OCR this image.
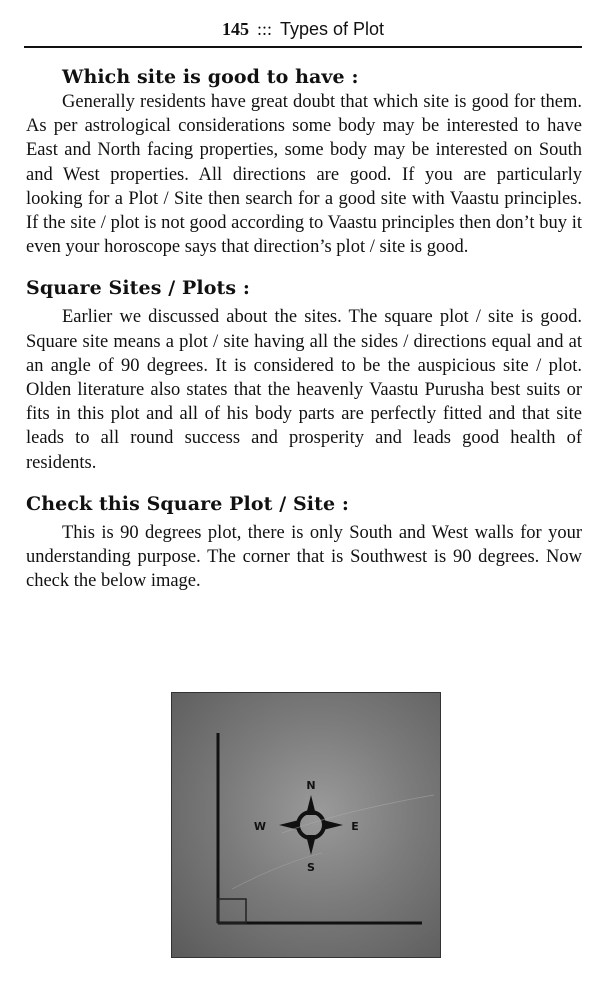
145 ::: Types of Plot
Which site is good to have :

Generally residents have great doubt that which site is good for them. As per astrological considerations some body may be interested to have East and North facing properties, some body may be interested on South and West properties. All directions are good. If you are particularly looking for a Plot / Site then search for a good site with Vaastu principles. If the site / plot is not good according to Vaastu principles then don’t buy it even your horoscope says that direction’s plot / site is good.

Square Sites / Plots :

Earlier we discussed about the sites. The square plot / site is good. Square site means a plot / site having all the sides / directions equal and at an angle of 90 degrees. It is considered to be the auspicious site / plot. Olden literature also states that the heavenly Vaastu Purusha best suits or fits in this plot and all of his body parts are perfectly fitted and that site leads to all round success and prosperity and leads good health of residents.

Check this Square Plot / Site :

This is 90 degrees plot, there is only South and West walls for your understanding purpose. The corner that is Southwest is 90 degrees. Now check the below image.

N
S
E
W
